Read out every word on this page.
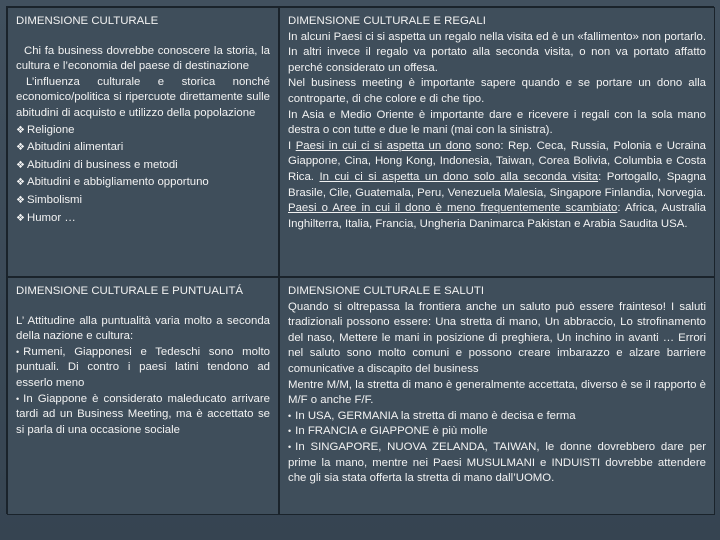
DIMENSIONE CULTURALE

Chi fa business dovrebbe conoscere la storia, la cultura e l’economia del paese di destinazione

L’influenza culturale e storica nonché economico/politica si ripercuote direttamente sulle abitudini di acquisto e utilizzo della popolazione

❖ Religione
❖ Abitudini alimentari
❖ Abitudini di business e metodi
❖ Abitudini e abbigliamento opportuno
❖ Simbolismi
❖ Humor …

DIMENSIONE CULTURALE E REGALI

In alcuni Paesi ci si aspetta un regalo nella visita ed è un «fallimento» non portarlo. In altri invece il regalo va portato alla seconda visita, o non va portato affatto perché considerato un offesa.

Nel business meeting è importante sapere quando e se portare un dono alla controparte, di che colore e di che tipo.

In Asia e Medio Oriente è importante dare e ricevere i regali con la sola mano destra o con tutte e due le mani (mai con la sinistra).

I Paesi in cui ci si aspetta un dono sono: Rep. Ceca, Russia, Polonia e Ucraina Giappone, Cina, Hong Kong, Indonesia, Taiwan, Corea Bolivia, Columbia e Costa Rica. In cui ci si aspetta un dono solo alla seconda visita: Portogallo, Spagna Brasile, Cile, Guatemala, Peru, Venezuela Malesia, Singapore Finlandia, Norvegia. Paesi o Aree in cui il dono è meno frequentemente scambiato: Africa, Australia Inghilterra, Italia, Francia, Ungheria Danimarca Pakistan e Arabia Saudita USA.

DIMENSIONE CULTURALE E PUNTUALITÁ

L’ Attitudine alla puntualità varia molto a seconda della nazione e cultura:

• Rumeni, Giapponesi e Tedeschi sono molto puntuali. Di contro i paesi latini tendono ad esserlo meno

• In Giappone è considerato maleducato arrivare tardi ad un Business Meeting, ma è accettato se si parla di una occasione sociale

DIMENSIONE CULTURALE E SALUTI

Quando si oltrepassa la frontiera anche un saluto può essere frainteso! I saluti tradizionali possono essere: Una stretta di mano, Un abbraccio, Lo strofinamento del naso, Mettere le mani in posizione di preghiera, Un inchino in avanti … Errori nel saluto sono molto comuni e possono creare imbarazzo e alzare barriere comunicative a discapito del business

Mentre M/M, la stretta di mano è generalmente accettata, diverso è se il rapporto è M/F o anche F/F.

• In USA, GERMANIA la stretta di mano è decisa e ferma

• In FRANCIA e GIAPPONE è più molle

• In SINGAPORE, NUOVA ZELANDA, TAIWAN, le donne dovrebbero dare per prime la mano, mentre nei Paesi MUSULMANI e INDUISTI dovrebbe attendere che gli sia stata offerta la stretta di mano dall’UOMO.
